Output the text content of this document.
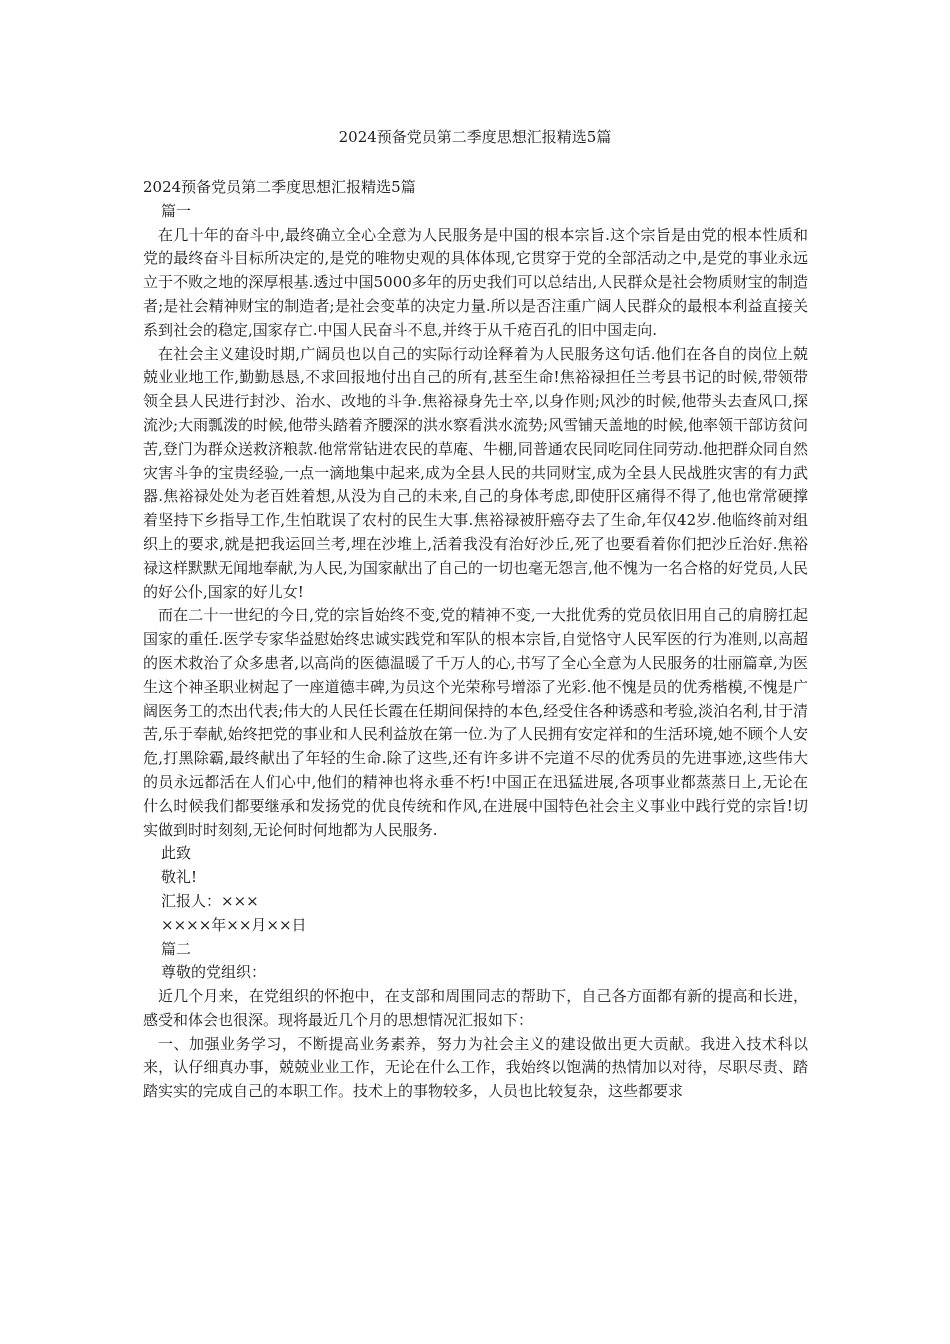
2024预备党员第二季度思想汇报精选5篇

2024预备党员第二季度思想汇报精选5篇

篇一

在几十年的奋斗中,最终确立全心全意为人民服务是中国的根本宗旨.这个宗旨是由党的根本性质和党的最终奋斗目标所决定的,是党的唯物史观的具体体现,它贯穿于党的全部活动之中,是党的事业永远立于不败之地的深厚根基.透过中国5000多年的历史我们可以总结出,人民群众是社会物质财宝的制造者;是社会精神财宝的制造者;是社会变革的决定力量.所以是否注重广阔人民群众的最根本利益直接关系到社会的稳定,国家存亡.中国人民奋斗不息,并终于从千疮百孔的旧中国走向.

在社会主义建设时期,广阔员也以自己的实际行动诠释着为人民服务这句话.他们在各自的岗位上兢兢业业地工作,勤勤恳恳,不求回报地付出自己的所有,甚至生命!焦裕禄担任兰考县书记的时候,带领带领全县人民进行封沙、治水、改地的斗争.焦裕禄身先士卒,以身作则;风沙的时候,他带头去查风口,探流沙;大雨瓢泼的时候,他带头踏着齐腰深的洪水察看洪水流势;风雪铺天盖地的时候,他率领干部访贫问苦,登门为群众送救济粮款.他常常钻进农民的草庵、牛棚,同普通农民同吃同住同劳动.他把群众同自然灾害斗争的宝贵经验,一点一滴地集中起来,成为全县人民的共同财宝,成为全县人民战胜灾害的有力武器.焦裕禄处处为老百姓着想,从没为自己的未来,自己的身体考虑,即使肝区痛得不得了,他也常常硬撑着坚持下乡指导工作,生怕耽误了农村的民生大事.焦裕禄被肝癌夺去了生命,年仅42岁.他临终前对组织上的要求,就是把我运回兰考,埋在沙堆上,活着我没有治好沙丘,死了也要看着你们把沙丘治好.焦裕禄这样默默无闻地奉献,为人民,为国家献出了自己的一切也毫无怨言,他不愧为一名合格的好党员,人民的好公仆,国家的好儿女!

而在二十一世纪的今日,党的宗旨始终不变,党的精神不变,一大批优秀的党员依旧用自己的肩膀扛起国家的重任.医学专家华益慰始终忠诚实践党和军队的根本宗旨,自觉恪守人民军医的行为准则,以高超的医术救治了众多患者,以高尚的医德温暖了千万人的心,书写了全心全意为人民服务的壮丽篇章,为医生这个神圣职业树起了一座道德丰碑,为员这个光荣称号增添了光彩.他不愧是员的优秀楷模,不愧是广阔医务工的杰出代表;伟大的人民任长霞在任期间保持的本色,经受住各种诱惑和考验,淡泊名利,甘于清苦,乐于奉献,始终把党的事业和人民利益放在第一位.为了人民拥有安定祥和的生活环境,她不顾个人安危,打黑除霸,最终献出了年轻的生命.除了这些,还有许多讲不完道不尽的优秀员的先进事迹,这些伟大的员永远都活在人们心中,他们的精神也将永垂不朽!中国正在迅猛进展,各项事业都蒸蒸日上,无论在什么时候我们都要继承和发扬党的优良传统和作风,在进展中国特色社会主义事业中践行党的宗旨!切实做到时时刻刻,无论何时何地都为人民服务.

此致

敬礼!

汇报人：×××

××××年××月××日

篇二

尊敬的党组织：

近几个月来，在党组织的怀抱中，在支部和周围同志的帮助下，自己各方面都有新的提高和长进，感受和体会也很深。现将最近几个月的思想情况汇报如下：

一、加强业务学习，不断提高业务素养，努力为社会主义的建设做出更大贡献。我进入技术科以来，认仔细真办事，兢兢业业工作，无论在什么工作，我始终以饱满的热情加以对待，尽职尽责、踏踏实实的完成自己的本职工作。技术上的事物较多，人员也比较复杂，这些都要求
